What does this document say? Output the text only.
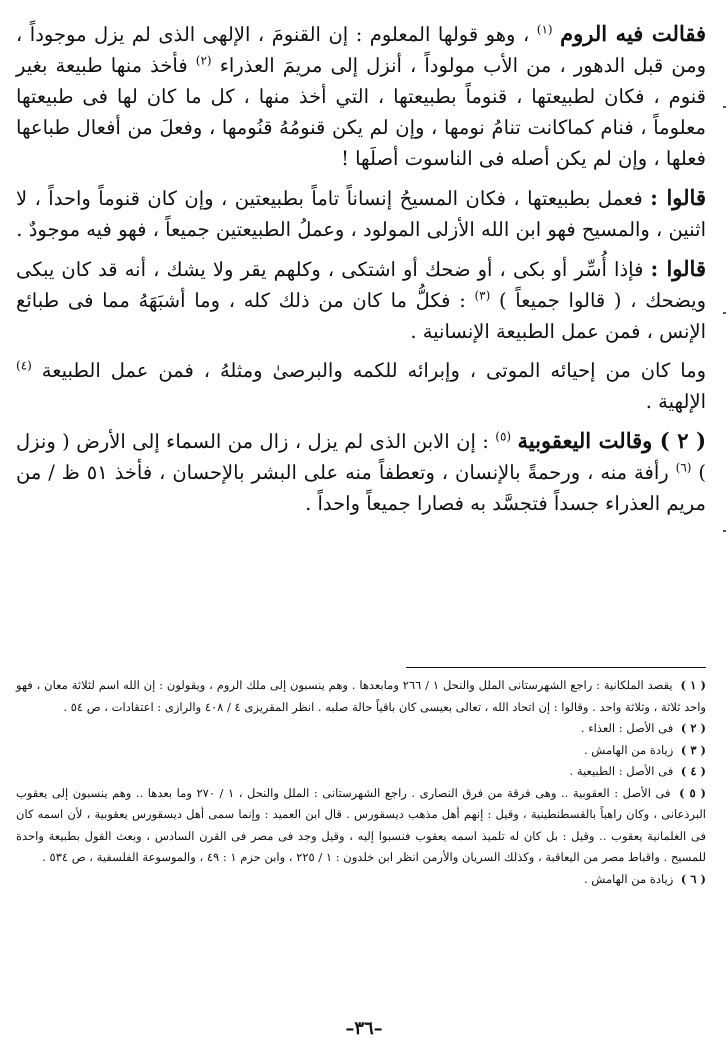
فقالت فيه الروم $^{(١)}$ ، وهو قولها المعلوم : إن القنومَ ، الإلهى الذى لم يزل موجوداً ، ومن قبل الدهور ، من الأب مولوداً ، أنزل إلى مريمَ العذراء $^{(٢)}$ فأخذ منها طبيعة بغير قنوم ، فكان لطبيعتها ، قنوماً بطبيعتها ، التي أخذ منها ، كل ما كان لها فى طبيعتها معلوماً ، فنام كماكانت تنامُ نومها ، وإن لم يكن قنومُهُ قنُومها ، وفعلَ من أفعال طباعها فعلها ، وإن لم يكن أصله فى الناسوت أصلَها !

قالوا : فعمل بطبيعتها ، فكان المسيحُ إنساناً تاماً بطبيعتين ، وإن كان قنوماً واحداً ، لا اثنين ، والمسيح فهو ابن الله الأزلى المولود ، وعملُ الطبيعتين جميعاً ، فهو فيه موجودٌ .

قالوا : فإذا أُسِّر أو بكى ، أو ضحك أو اشتكى ، وكلهم يقر ولا يشك ، أنه قد كان يبكى ويضحك ، ( قالوا جميعاً ) $^{(٣)}$ : فكلُّ ما كان من ذلك كله ، وما أشبَهَهُ مما فى طبائع الإنس ، فمن عمل الطبيعة الإنسانية .

وما كان من إحيائه الموتى ، وإبرائه للكمه والبرصىٰ ومثلهُ ، فمن عمل الطبيعة $^{(٤)}$ الإلهية .

( ٢ ) وقالت اليعقوبية $^{(٥)}$ : إن الابن الذى لم يزل ، زال من السماء إلى الأرض ( ونزل ) $^{(٦)}$ رأفة منه ، ورحمةً بالإنسان ، وتعطفاً منه على البشر بالإحسان ، فأخذ ٥١ ظ / من مريم العذراء جسداً فتجسَّد به فصارا جميعاً واحداً .

( ١ ) يقصد الملكانية : راجع الشهرستانى الملل والنحل ١ / ٢٦٦ ومابعدها . وهم ينسبون إلى ملك الروم ، ويقولون : إن الله اسم لثلاثة معان ، فهو واحد ثلاثة ، وثلاثة واحد . وقالوا : إن اتحاد الله ، تعالى بعيسى كان باقياً حالة صلبه . انظر المقريزى ٤ / ٤٠٨ والرازى : اعتقادات ، ص ٥٤ .

( ٢ ) فى الأصل : العذاء .

( ٣ ) زيادة من الهامش .

( ٤ ) فى الأصل : الطبيعية .

( ٥ ) فى الأصل : العقوبية .. وهى فرقة من فرق النصارى . راجع الشهرستانى : الملل والنحل ، ١ / ٢٧٠ وما بعدها .. وهم ينسبون إلى يعقوب البرذعانى ، وكان راهباً بالقسطنطينية ، وقيل : إنهم أهل مذهب ديسقورس . قال ابن العميد : وإنما سمى أهل ديسقورس يعقوبية ، لأن اسمه كان فى الغلمانية يعقوب .. وقيل : بل كان له تلميذ اسمه يعقوب فنسبوا إليه ، وقيل وجد فى مصر فى القرن السادس ، وبعث القول بطبيعة واحدة للمسيح . واقباط مصر من اليعاقبة ، وكذلك السريان والأرمن انظر ابن خلدون : ١ / ٢٢٥ ، وابن حزم ١ : ٤٩ ، والموسوعة الفلسفية ، ص ٥٣٤ .

( ٦ ) زيادة من الهامش .

–٣٦–
